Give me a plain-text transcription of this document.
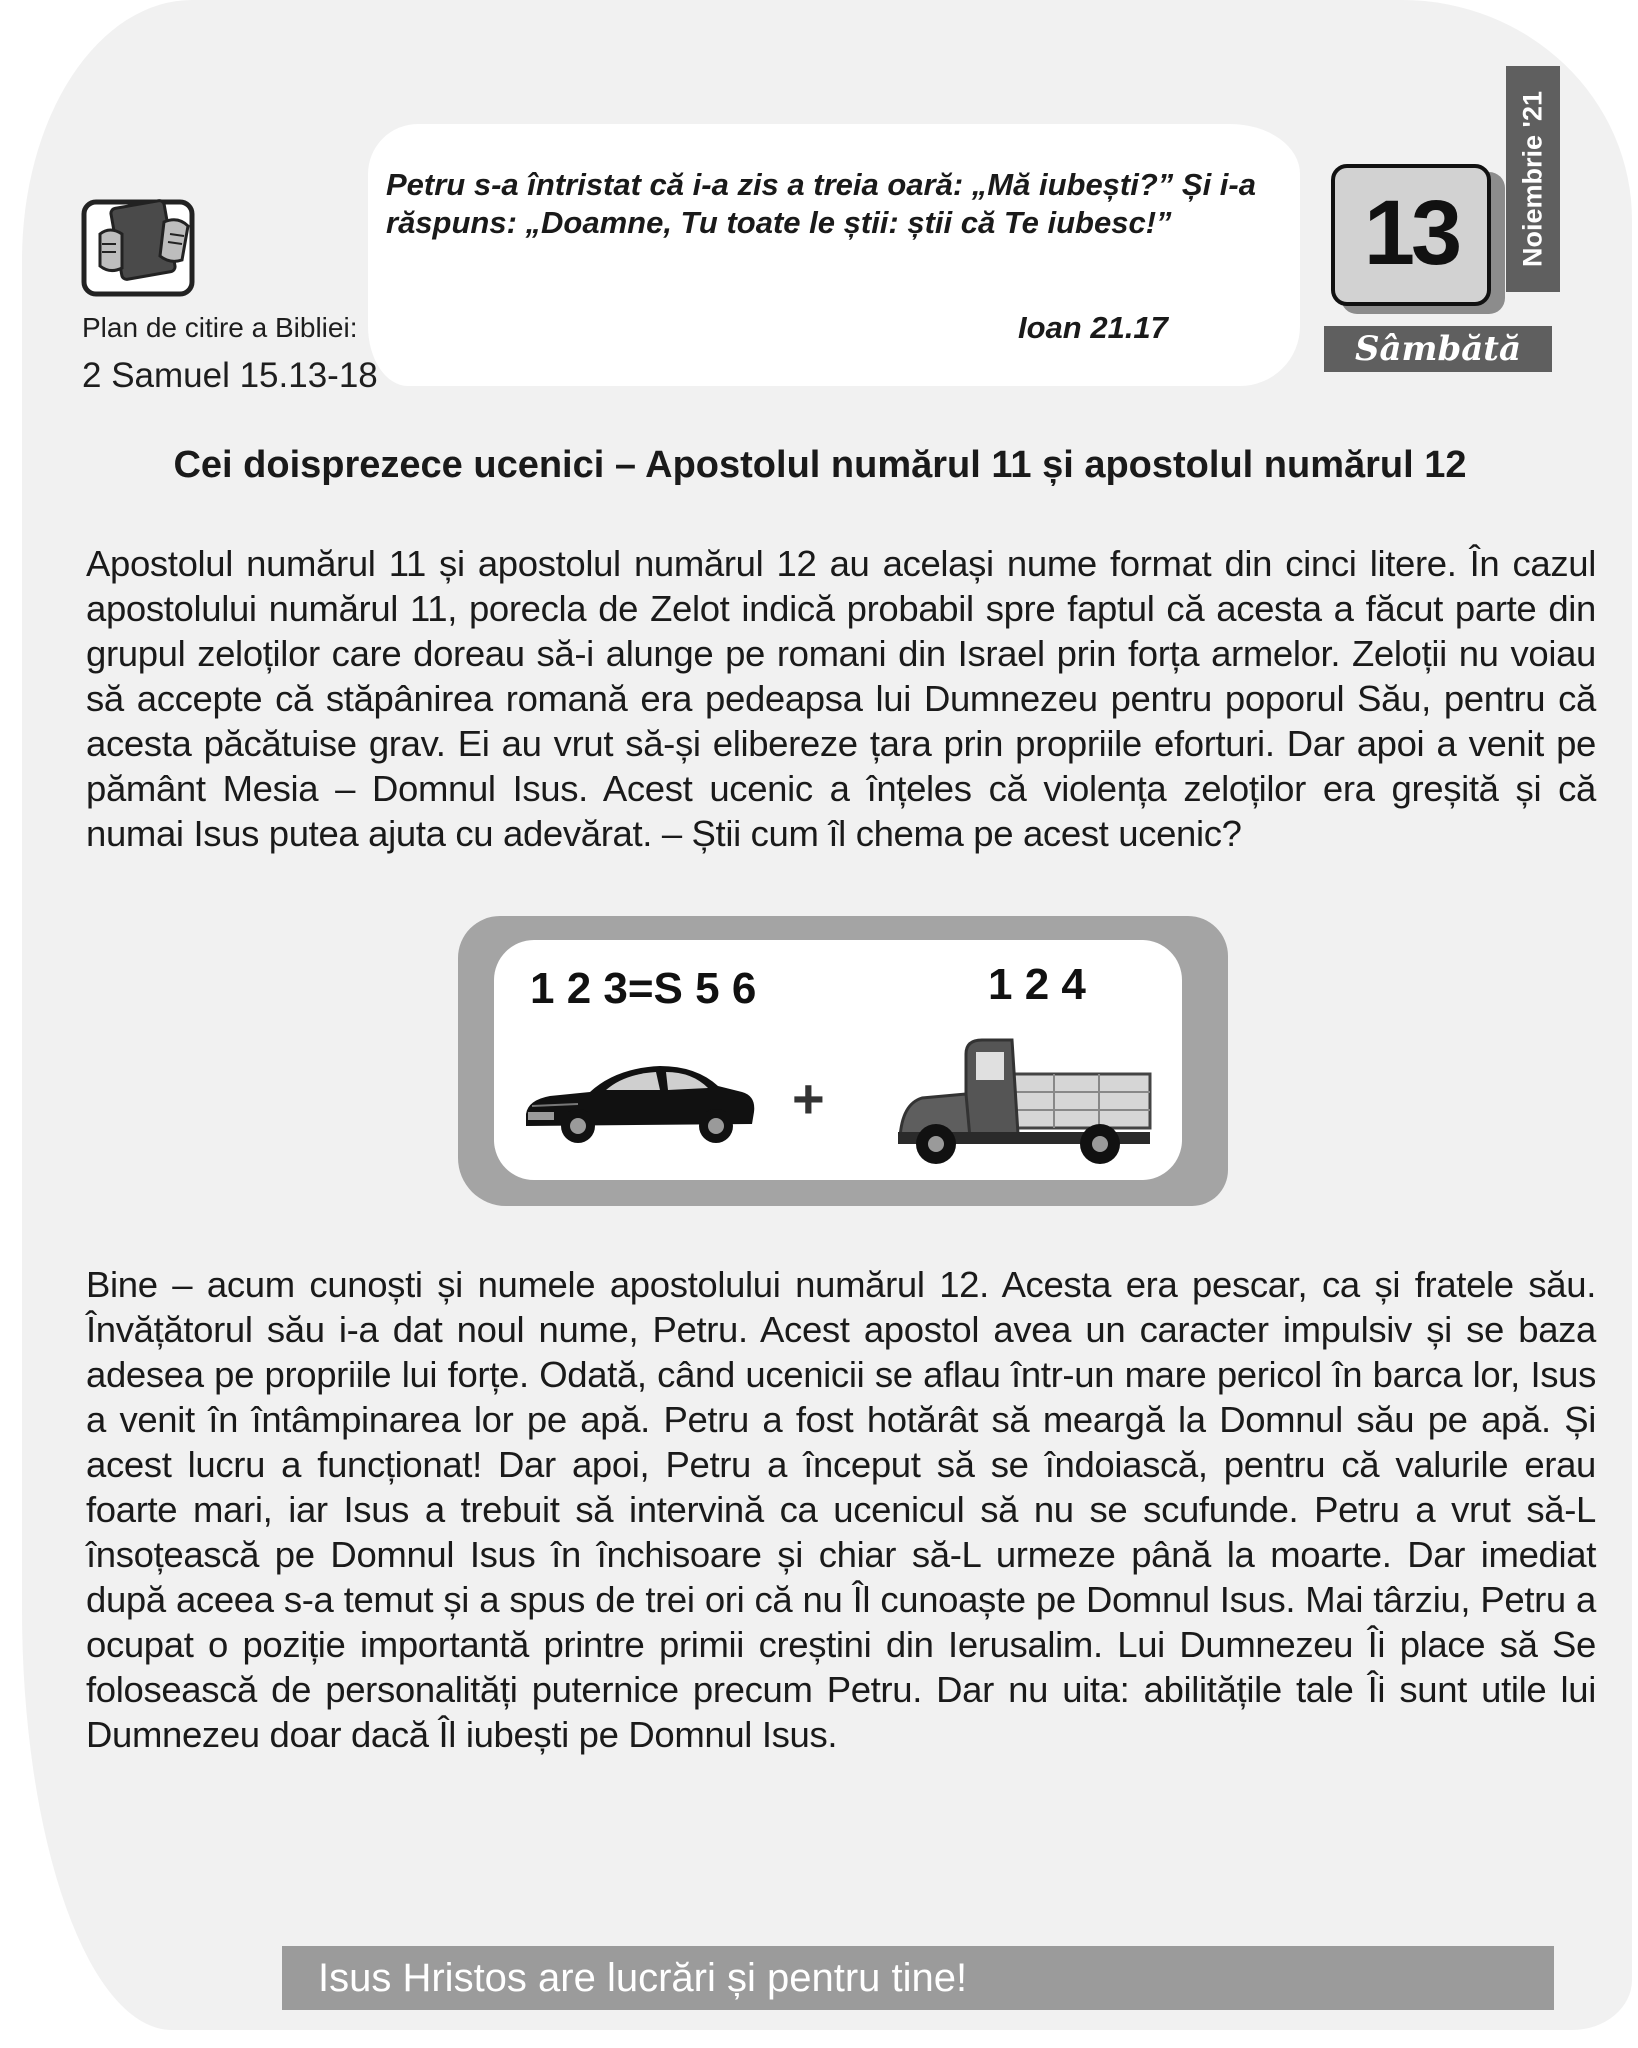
Plan de citire a Bibliei:
2 Samuel 15.13-18
Petru s-a întristat că i-a zis a treia oară: „Mă iubești?” Și i-a răspuns: „Doamne, Tu toate le știi: știi că Te iubesc!”
Ioan 21.17
13	Noiembrie '21
Sâmbătă
Cei doisprezece ucenici – Apostolul numărul 11 și apostolul numărul 12
Apostolul numărul 11 și apostolul numărul 12 au același nume format din cinci litere. În cazul apostolului numărul 11, porecla de Zelot indică probabil spre faptul că acesta a făcut parte din grupul zeloților care doreau să-i alunge pe romani din Israel prin forța armelor. Zeloții nu voiau să accepte că stăpânirea romană era pedeapsa lui Dumnezeu pentru poporul Său, pentru că acesta păcătuise grav. Ei au vrut să-și elibereze țara prin propriile eforturi. Dar apoi a venit pe pământ Mesia – Domnul Isus. Acest ucenic a înțeles că violența zeloților era greșită și că numai Isus putea ajuta cu adevărat. – Știi cum îl chema pe acest ucenic?
1 2 3=S 5 6	1 2 4
+
Bine – acum cunoști și numele apostolului numărul 12. Acesta era pescar, ca și fratele său. Învățătorul său i-a dat noul nume, Petru. Acest apostol avea un caracter impulsiv și se baza adesea pe propriile lui forțe. Odată, când ucenicii se aflau într-un mare pericol în barca lor, Isus a venit în întâmpinarea lor pe apă. Petru a fost hotărât să meargă la Domnul său pe apă. Și acest lucru a funcționat! Dar apoi, Petru a început să se îndoiască, pentru că valurile erau foarte mari, iar Isus a trebuit să intervină ca ucenicul să nu se scufunde. Petru a vrut să-L însoțească pe Domnul Isus în închisoare și chiar să-L urmeze până la moarte. Dar imediat după aceea s-a temut și a spus de trei ori că nu Îl cunoaște pe Domnul Isus. Mai târziu, Petru a ocupat o poziție importantă printre primii creștini din Ierusalim. Lui Dumnezeu Îi place să Se folosească de personalități puternice precum Petru. Dar nu uita: abilitățile tale Îi sunt utile lui Dumnezeu doar dacă Îl iubești pe Domnul Isus.
Isus Hristos are lucrări și pentru tine!
